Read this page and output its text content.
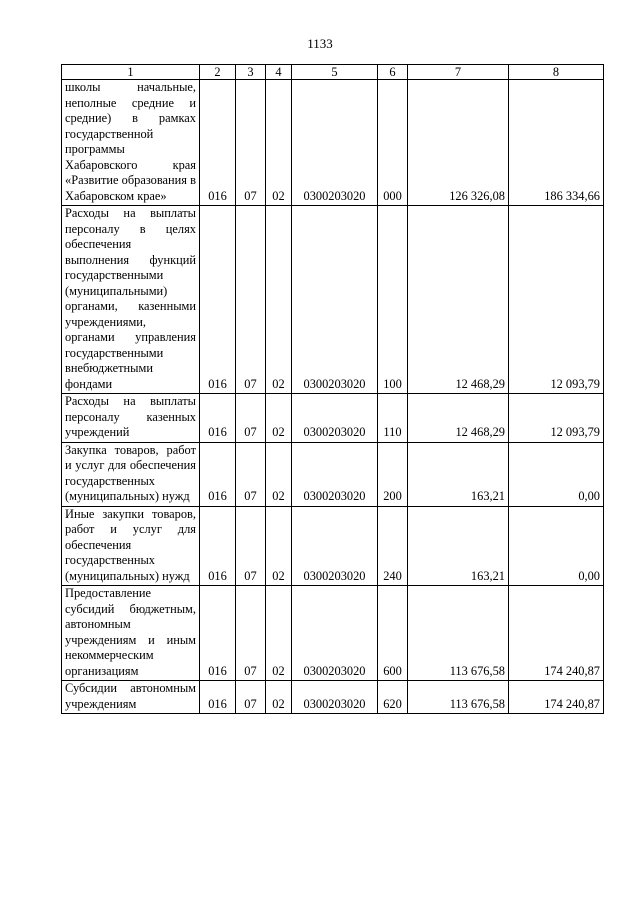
1133
1	2	3	4	5	6	7	8
школы начальные, неполные средние и средние) в рамках государственной программы Хабаровского края «Развитие образования в Хабаровском крае»	016	07	02	0300203020	000	126 326,08	186 334,66
Расходы на выплаты персоналу в целях обеспечения выполнения функций государственными (муниципальными) органами, казенными учреждениями, органами управления государственными внебюджетными фондами	016	07	02	0300203020	100	12 468,29	12 093,79
Расходы на выплаты персоналу казенных учреждений	016	07	02	0300203020	110	12 468,29	12 093,79
Закупка товаров, работ и услуг для обеспечения государственных (муниципальных) нужд	016	07	02	0300203020	200	163,21	0,00
Иные закупки товаров, работ и услуг для обеспечения государственных (муниципальных) нужд	016	07	02	0300203020	240	163,21	0,00
Предоставление субсидий бюджетным, автономным учреждениям и иным некоммерческим организациям	016	07	02	0300203020	600	113 676,58	174 240,87
Субсидии автономным учреждениям	016	07	02	0300203020	620	113 676,58	174 240,87
